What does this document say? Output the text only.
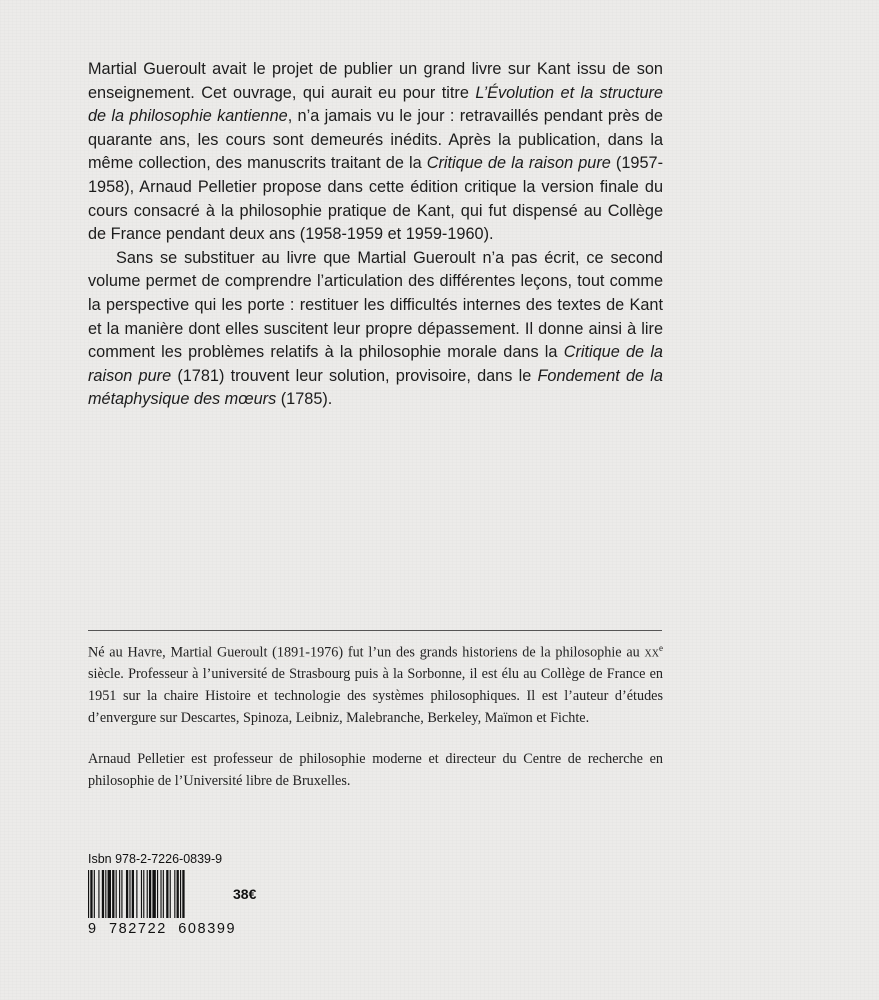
Martial Gueroult avait le projet de publier un grand livre sur Kant issu de son enseignement. Cet ouvrage, qui aurait eu pour titre L’Évolution et la structure de la philosophie kantienne, n’a jamais vu le jour : retravaillés pendant près de quarante ans, les cours sont demeurés inédits. Après la publication, dans la même collection, des manuscrits traitant de la Critique de la raison pure (1957-1958), Arnaud Pelletier propose dans cette édition critique la version finale du cours consacré à la philosophie pratique de Kant, qui fut dispensé au Collège de France pendant deux ans (1958-1959 et 1959-1960).

Sans se substituer au livre que Martial Gueroult n’a pas écrit, ce second volume permet de comprendre l’articulation des différentes leçons, tout comme la perspective qui les porte : restituer les difficultés internes des textes de Kant et la manière dont elles suscitent leur propre dépassement. Il donne ainsi à lire comment les problèmes relatifs à la philosophie morale dans la Critique de la raison pure (1781) trouvent leur solution, provisoire, dans le Fondement de la métaphysique des mœurs (1785).

Né au Havre, Martial Gueroult (1891-1976) fut l’un des grands historiens de la philosophie au $xx^e$ siècle. Professeur à l’université de Strasbourg puis à la Sorbonne, il est élu au Collège de France en 1951 sur la chaire Histoire et technologie des systèmes philosophiques. Il est l’auteur d’études d’envergure sur Descartes, Spinoza, Leibniz, Malebranche, Berkeley, Maïmon et Fichte.

Arnaud Pelletier est professeur de philosophie moderne et directeur du Centre de recherche en philosophie de l’Université libre de Bruxelles.

Isbn 978-2-7226-0839-9
9 782722 608399
38€
